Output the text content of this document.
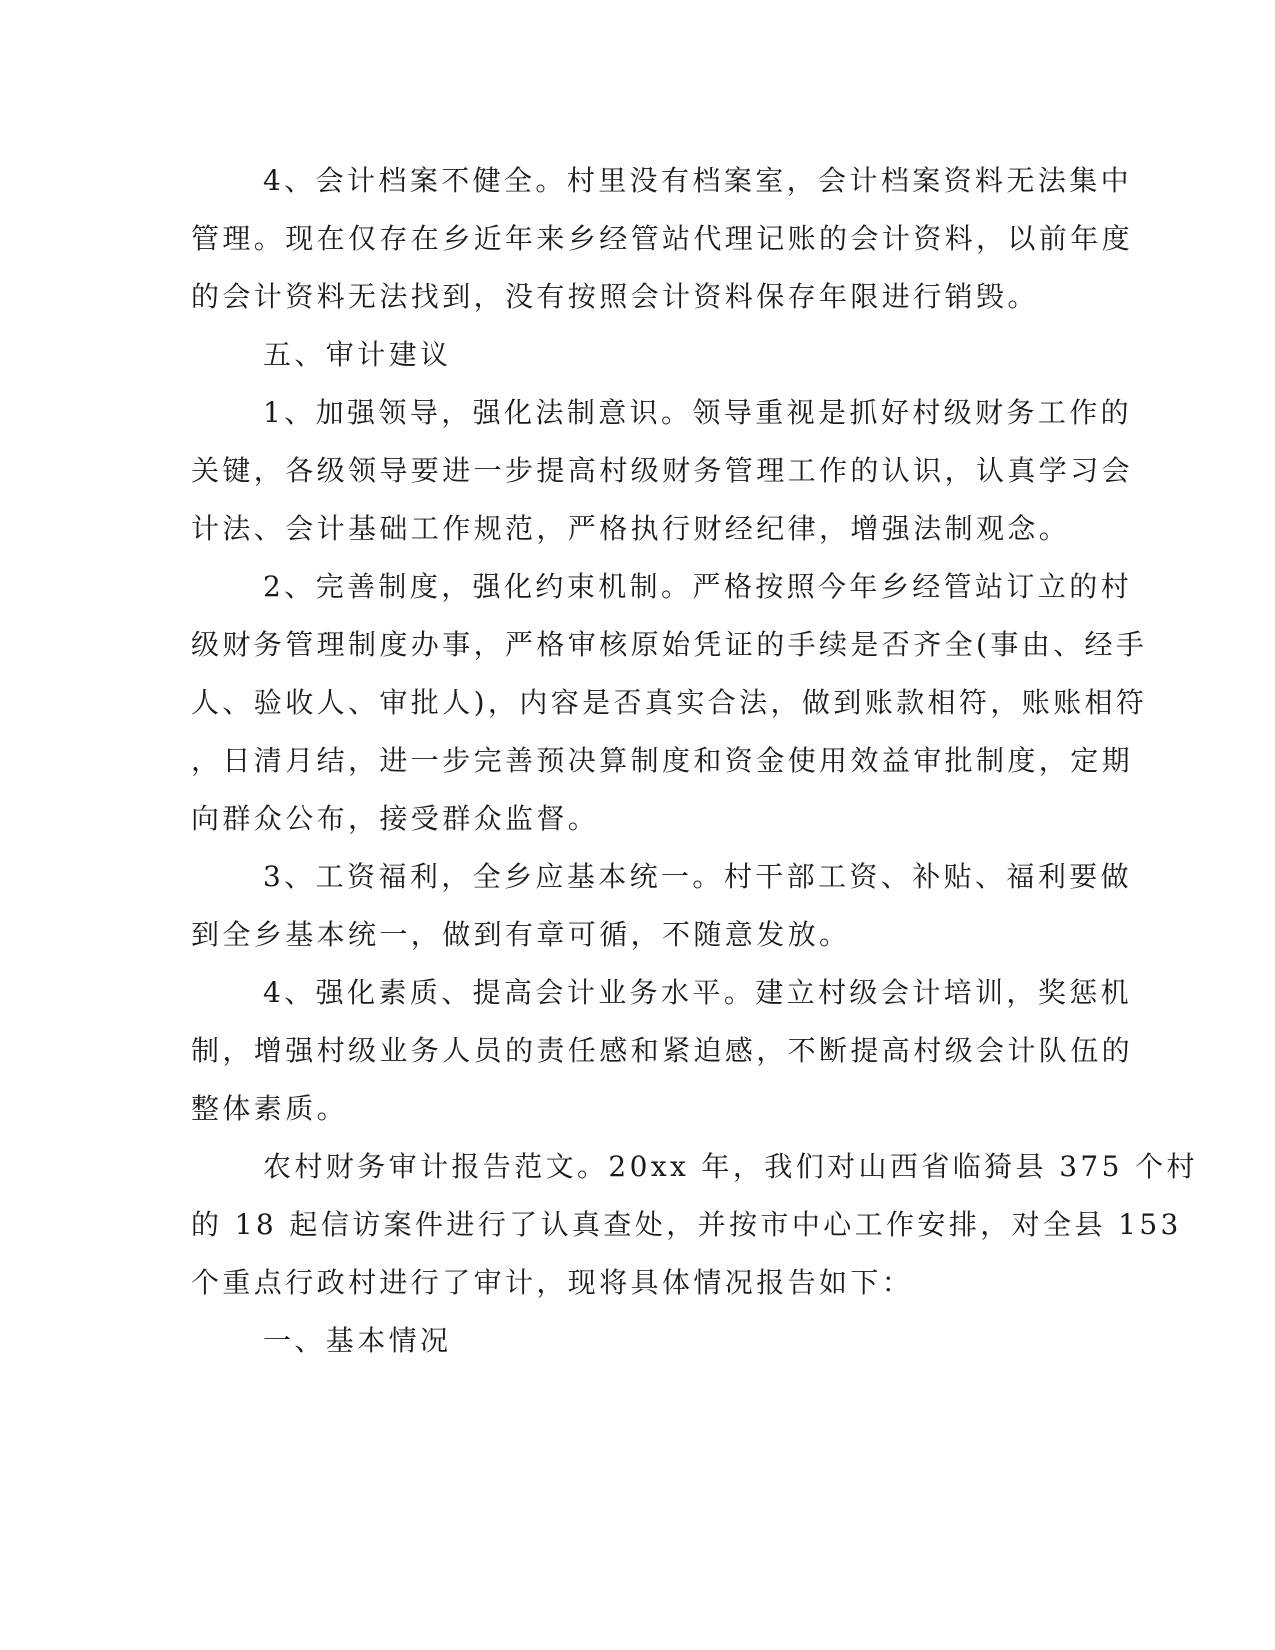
4、会计档案不健全。村里没有档案室，会计档案资料无法集中
管理。现在仅存在乡近年来乡经管站代理记账的会计资料，以前年度
的会计资料无法找到，没有按照会计资料保存年限进行销毁。
五、审计建议
1、加强领导，强化法制意识。领导重视是抓好村级财务工作的
关键，各级领导要进一步提高村级财务管理工作的认识，认真学习会
计法、会计基础工作规范，严格执行财经纪律，增强法制观念。
2、完善制度，强化约束机制。严格按照今年乡经管站订立的村
级财务管理制度办事，严格审核原始凭证的手续是否齐全(事由、经手
人、验收人、审批人)，内容是否真实合法，做到账款相符，账账相符
，日清月结，进一步完善预决算制度和资金使用效益审批制度，定期
向群众公布，接受群众监督。
3、工资福利，全乡应基本统一。村干部工资、补贴、福利要做
到全乡基本统一，做到有章可循，不随意发放。
4、强化素质、提高会计业务水平。建立村级会计培训，奖惩机
制，增强村级业务人员的责任感和紧迫感，不断提高村级会计队伍的
整体素质。
农村财务审计报告范文。20xx 年，我们对山西省临猗县 375 个村
的 18 起信访案件进行了认真查处，并按市中心工作安排，对全县 153
个重点行政村进行了审计，现将具体情况报告如下：
一、基本情况
